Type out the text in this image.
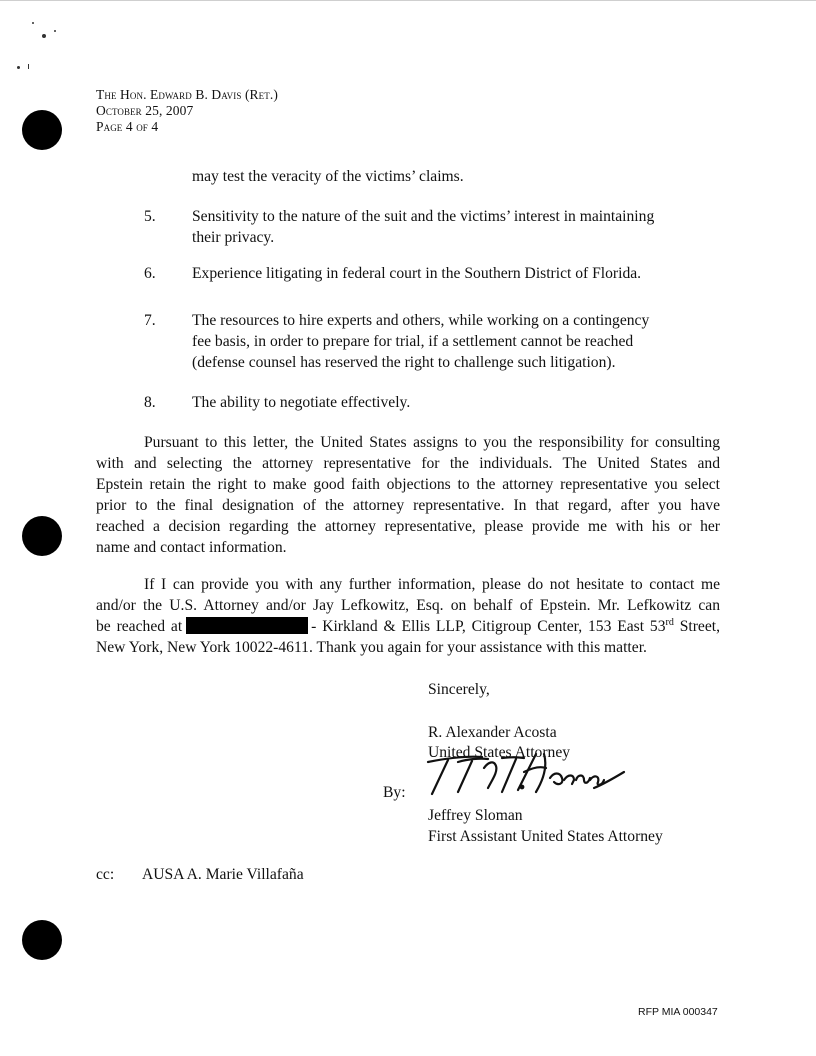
The Hon. Edward B. Davis (Ret.)
October 25, 2007
Page 4 of 4
may test the veracity of the victims’ claims.
5. Sensitivity to the nature of the suit and the victims’ interest in maintaining
their privacy.
6. Experience litigating in federal court in the Southern District of Florida.
7. The resources to hire experts and others, while working on a contingency
fee basis, in order to prepare for trial, if a settlement cannot be reached
(defense counsel has reserved the right to challenge such litigation).
8. The ability to negotiate effectively.
Pursuant to this letter, the United States assigns to you the responsibility for consulting
with and selecting the attorney representative for the individuals. The United States and
Epstein retain the right to make good faith objections to the attorney representative you select
prior to the final designation of the attorney representative. In that regard, after you have
reached a decision regarding the attorney representative, please provide me with his or her
name and contact information.
If I can provide you with any further information, please do not hesitate to contact me
and/or the U.S. Attorney and/or Jay Lefkowitz, Esq. on behalf of Epstein. Mr. Lefkowitz can
be reached at	- Kirkland & Ellis LLP, Citigroup Center, 153 East 53rd Street,
New York, New York 10022-4611. Thank you again for your assistance with this matter.
Sincerely,
R. Alexander Acosta
United States Attorney
By:
Jeffrey Sloman
First Assistant United States Attorney
cc: AUSA A. Marie Villafaña
RFP MIA 000347
